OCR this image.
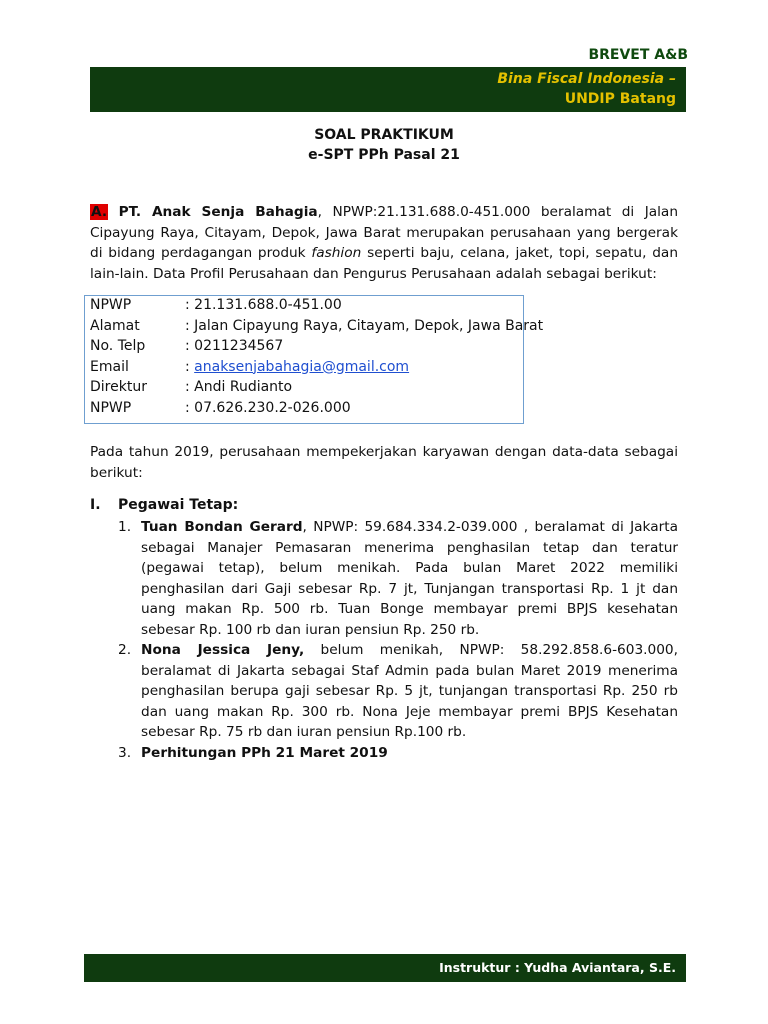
BREVET A&B
Bina Fiscal Indonesia –
UNDIP Batang
SOAL PRAKTIKUM
e-SPT PPh Pasal 21
A. PT. Anak Senja Bahagia, NPWP:21.131.688.0-451.000 beralamat di Jalan Cipayung Raya, Citayam, Depok, Jawa Barat merupakan perusahaan yang bergerak di bidang perdagangan produk fashion seperti baju, celana, jaket, topi, sepatu, dan lain-lain. Data Profil Perusahaan dan Pengurus Perusahaan adalah sebagai berikut:
NPWP	: 21.131.688.0-451.00
Alamat	: Jalan Cipayung Raya, Citayam, Depok, Jawa Barat
No. Telp	: 0211234567
Email	: anaksenjabahagia@gmail.com
Direktur	: Andi Rudianto
NPWP	: 07.626.230.2-026.000
Pada tahun 2019, perusahaan mempekerjakan karyawan dengan data-data sebagai berikut:
I. Pegawai Tetap:
1. Tuan Bondan Gerard, NPWP: 59.684.334.2-039.000 , beralamat di Jakarta sebagai Manajer Pemasaran menerima penghasilan tetap dan teratur (pegawai tetap), belum menikah. Pada bulan Maret 2022 memiliki penghasilan dari Gaji sebesar Rp. 7 jt, Tunjangan transportasi Rp. 1 jt dan uang makan Rp. 500 rb. Tuan Bonge membayar premi BPJS kesehatan sebesar Rp. 100 rb dan iuran pensiun Rp. 250 rb.
2. Nona Jessica Jeny, belum menikah, NPWP: 58.292.858.6-603.000, beralamat di Jakarta sebagai Staf Admin pada bulan Maret 2019 menerima penghasilan berupa gaji sebesar Rp. 5 jt, tunjangan transportasi Rp. 250 rb dan uang makan Rp. 300 rb. Nona Jeje membayar premi BPJS Kesehatan sebesar Rp. 75 rb dan iuran pensiun Rp.100 rb.
3. Perhitungan PPh 21 Maret 2019
Instruktur : Yudha Aviantara, S.E.
